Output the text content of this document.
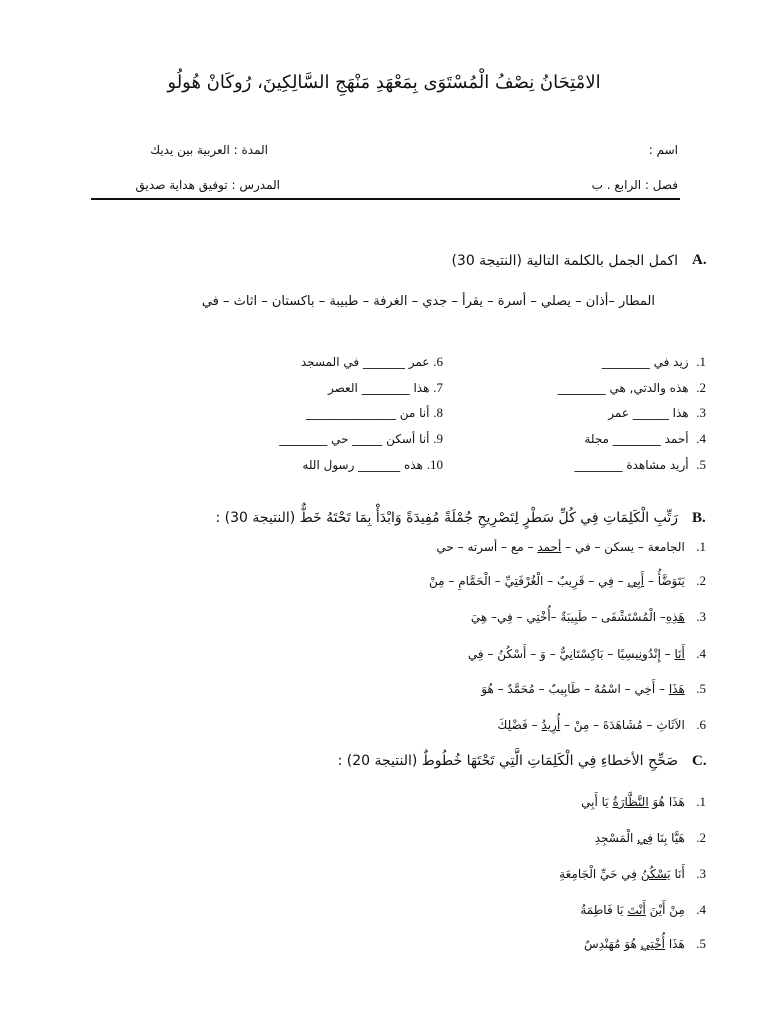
الامْتِحَانُ نِصْفُ الْمُسْتَوَى بِمَعْهَدِ مَنْهَجِ السَّالِكِينَ، رُوكَانْ هُولُو
اسم :
المدة : العربية بين يديك
فصل : الرابع . ب
المدرس : توفيق هداية صديق
A.
اكمل الجمل بالكلمة التالية (النتيجة 30)
المطار –أذان – يصلي – أسرة – يقرأ – جدي – الغرفة – طبيبة – باكستان – اثاث – في
1.  زيد في ________
2.  هذه والدتي, هي ________
3.  هذا ______ عمر
4.  أحمد ________ مجلة
5.  أريد مشاهدة ________
6. عمر _______ في المسجد
7. هذا ________ العصر
8. أنا من _______________
9. أنا أسكن _____ حي ________
10. هذه _______ رسول الله
B.
رَتِّبِ الْكَلِمَاتِ فِي كُلِّ سَطْرٍ لِتَصْرِيحِ جُمْلَةً مُفِيدَةً وَابْدَأْ بِمَا تَحْتَهُ خَطٌّ (النتيجة 30) :
1.   الجامعة – يسكن – في – أحمد – مع – أسرته – حي
2.   يَتَوَضَّأُ – أَبِي – فِي – قَرِيبٌ – الْغُرْفَتِيِّ – الْحَمَّامِ – مِنْ
3.   هَذِهِ– الْمُسْتَشْفَى – طَبِيبَةٌ –أُخْتِي – فِي– هِيَ
4.   أَنَا – إِنْدُونِيسِيًا – بَاكِسْتَانِيٌّ – وَ – أَسْكُنُ – فِي
5.   هَذَا – أَخِي – اسْمُهُ – طَابِيبٌ – مُحَمَّدٌ – هُوَ
6.   الاَثَاثِ – مُشَاهَدَةَ – مِنْ – أُرِيدُ – فَضْلِكَ
C.
صَحِّحِ الأخطاءِ فِي الْكَلِمَاتِ الَّتِي تَحْتَهَا خُطُوطٌ (النتيجة 20) :
1.   هَذَا هُوَ النَّظَّارَةُ يَا أَبِي
2.   هَيَّا بِنَا فِي الْمَسْجِدِ
3.   أَنَا يَسْكُنُ فِي حَيِّ الْجَامِعَةِ
4.   مِنْ أَيْنَ أَنْتَ يَا فَاطِمَةُ
5.   هَذَا أُخْتِي هُوَ مُهَنْدِسٌ
